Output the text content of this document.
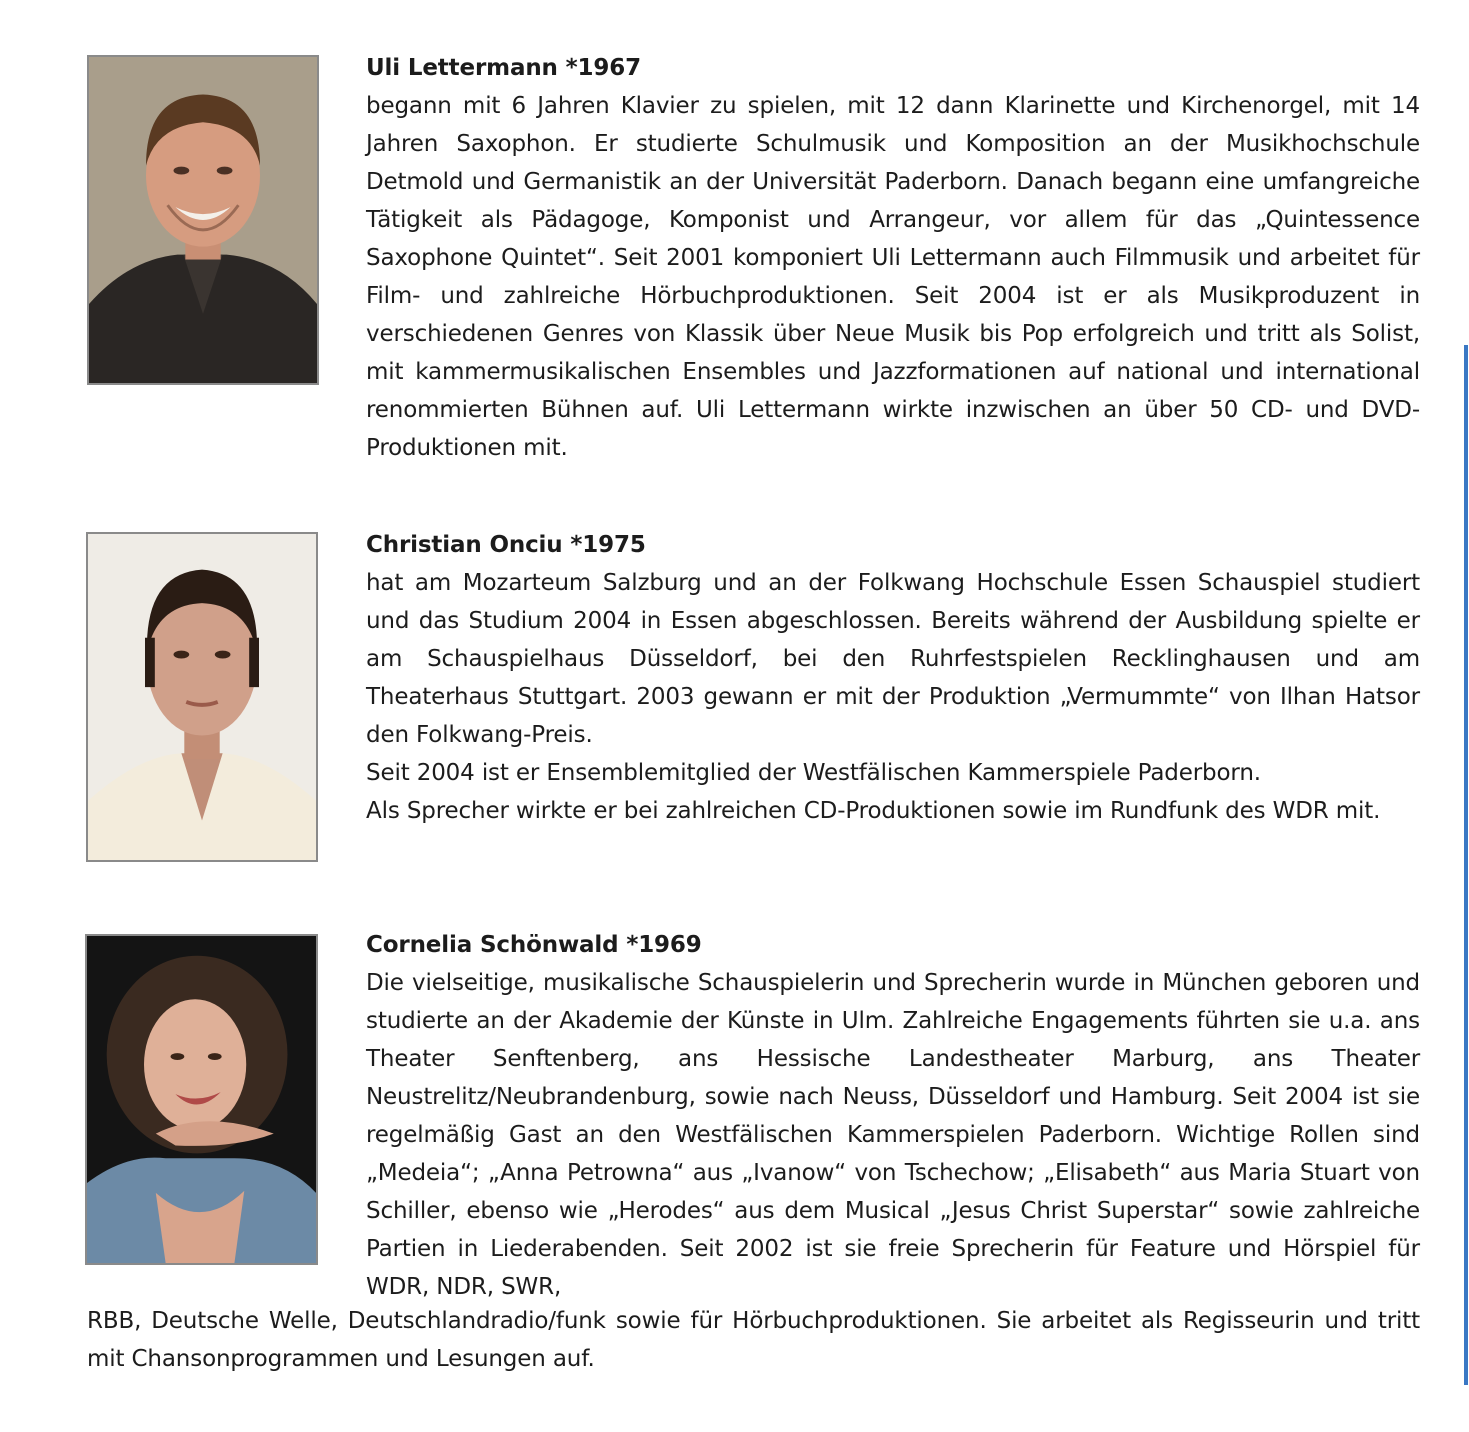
Uli Lettermann *1967

begann mit 6 Jahren Klavier zu spielen, mit 12 dann Klarinette und Kirchenorgel, mit 14 Jahren Saxophon. Er studierte Schulmusik und Komposition an der Musikhochschule Detmold und Germanistik an der Universität Paderborn. Danach begann eine umfangreiche Tätigkeit als Pädagoge, Komponist und Arrangeur, vor allem für das „Quintessence Saxophone Quintet“. Seit 2001 komponiert Uli Lettermann auch Filmmusik und arbeitet für Film- und zahlreiche Hörbuchproduktionen. Seit 2004 ist er als Musikproduzent in verschiedenen Genres von Klassik über Neue Musik bis Pop erfolgreich und tritt als Solist, mit kammermusikalischen Ensembles und Jazzformationen auf national und international renommierten Bühnen auf. Uli Lettermann wirkte inzwischen an über 50 CD- und DVD-Produktionen mit.

Christian Onciu *1975

hat am Mozarteum Salzburg und an der Folkwang Hochschule Essen Schauspiel studiert und das Studium 2004 in Essen abgeschlossen. Bereits während der Ausbildung spielte er am Schauspielhaus Düsseldorf, bei den Ruhrfestspielen Recklinghausen und am Theaterhaus Stuttgart. 2003 gewann er mit der Produktion „Vermummte“ von Ilhan Hatsor den Folkwang-Preis.

Seit 2004 ist er Ensemblemitglied der Westfälischen Kammerspiele Paderborn.

Als Sprecher wirkte er bei zahlreichen CD-Produktionen sowie im Rundfunk des WDR mit.

Cornelia Schönwald *1969

Die vielseitige, musikalische Schauspielerin und Sprecherin wurde in München geboren und studierte an der Akademie der Künste in Ulm. Zahlreiche Engagements führten sie u.a. ans Theater Senftenberg, ans Hessische Landestheater Marburg, ans Theater Neustrelitz/Neubrandenburg, sowie nach Neuss, Düsseldorf und Hamburg. Seit 2004 ist sie regelmäßig Gast an den Westfälischen Kammerspielen Paderborn. Wichtige Rollen sind „Medeia“; „Anna Petrowna“ aus „Ivanow“ von Tschechow; „Elisabeth“ aus Maria Stuart von Schiller, ebenso wie „Herodes“ aus dem Musical „Jesus Christ Superstar“ sowie zahlreiche Partien in Liederabenden. Seit 2002 ist sie freie Sprecherin für Feature und Hörspiel für WDR, NDR, SWR,

RBB, Deutsche Welle, Deutschlandradio/funk sowie für Hörbuchproduktionen. Sie arbeitet als Regisseurin und tritt mit Chansonprogrammen und Lesungen auf.
